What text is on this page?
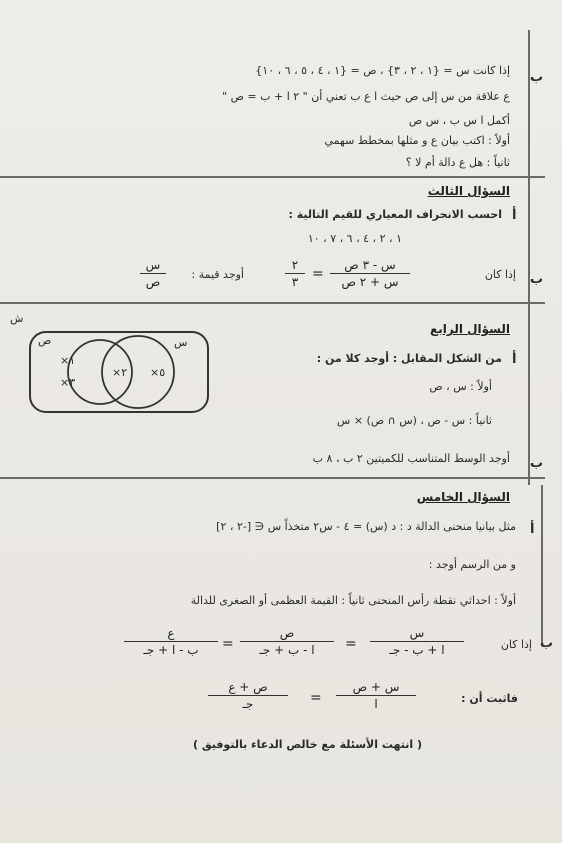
ب
إذا كانت س = {١ ، ٢ ، ٣} ، ص = {١ ، ٤ ، ٥ ، ٦ ، ١٠}
ع علاقة من س إلى ص حيث ا ع ب تعني أن " ٢ ا + ب = ص "
أكمل ا س ب ، س ص
أولاً : اكتب بيان ع و مثلها بمخطط سهمي
ثانياً : هل ع دالة أم لا ؟
السؤال الثالث
أ
احسب الانحراف المعياري للقيم التالية :
١ ، ٢ ، ٤ ، ٦ ، ٧ ، ١٠
ب
إذا كان
س - ٣ ص
س + ٢ ص
=
٢
٣
أوجد قيمة :
س
ص
السؤال الرابع
أ
من الشكل المقابل : أوجد كلا من :
أولاً : س ، ص
ثانياً : س - ص ، (س ∩ ص) × س
ب
أوجد الوسط المتناسب للكميتين ٢ ب ، ٨ ب
ش
ص	س
×١
×٣
×٢ ×٥
السؤال الخامس
أ
مثل بيانيا منحنى الدالة د : د (س) = ٤ - س٢ متخذاً س ∈ [-٢ ، ٢]
و من الرسم أوجد :
أولاً : احداثي نقطة رأس المنحنى ثانياً : القيمة العظمى أو الصغرى للدالة
ب
إذا كان
س
ا + ب - جـ
=
ص
ا - ب + جـ
=
ع
ب - ا + جـ
فاثبت أن :
س + ص
ا
=
ص + ع
جـ
( انتهت الأسئلة مع خالص الدعاء بالتوفيق )
